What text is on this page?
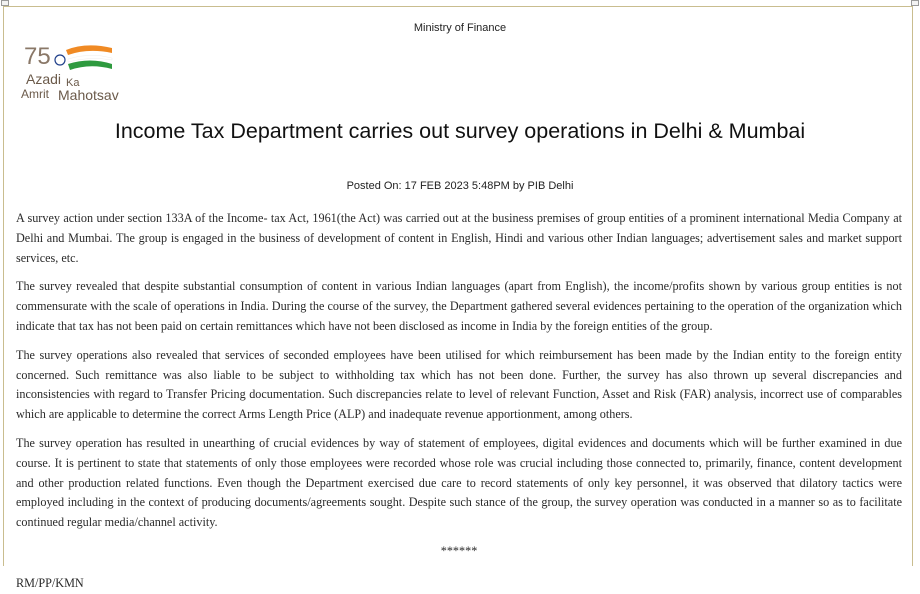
Ministry of Finance
75
Azadi Ka
Amrit Mahotsav
Income Tax Department carries out survey operations in Delhi & Mumbai
Posted On: 17 FEB 2023 5:48PM by PIB Delhi

A survey action under section 133A of the Income- tax Act, 1961(the Act) was carried out at the business premises of group entities of a prominent international Media Company at Delhi and Mumbai. The group is engaged in the business of development of content in English, Hindi and various other Indian languages; advertisement sales and market support services, etc.

The survey revealed that despite substantial consumption of content in various Indian languages (apart from English), the income/profits shown by various group entities is not commensurate with the scale of operations in India. During the course of the survey, the Department gathered several evidences pertaining to the operation of the organization which indicate that tax has not been paid on certain remittances which have not been disclosed as income in India by the foreign entities of the group.

The survey operations also revealed that services of seconded employees have been utilised for which reimbursement has been made by the Indian entity to the foreign entity concerned. Such remittance was also liable to be subject to withholding tax which has not been done. Further, the survey has also thrown up several discrepancies and inconsistencies with regard to Transfer Pricing documentation. Such discrepancies relate to level of relevant Function, Asset and Risk (FAR) analysis, incorrect use of comparables which are applicable to determine the correct Arms Length Price (ALP) and inadequate revenue apportionment, among others.

The survey operation has resulted in unearthing of crucial evidences by way of statement of employees, digital evidences and documents which will be further examined in due course. It is pertinent to state that statements of only those employees were recorded whose role was crucial including those connected to, primarily, finance, content development and other production related functions. Even though the Department exercised due care to record statements of only key personnel, it was observed that dilatory tactics were employed including in the context of producing documents/agreements sought. Despite such stance of the group, the survey operation was conducted in a manner so as to facilitate continued regular media/channel activity.

******
RM/PP/KMN
